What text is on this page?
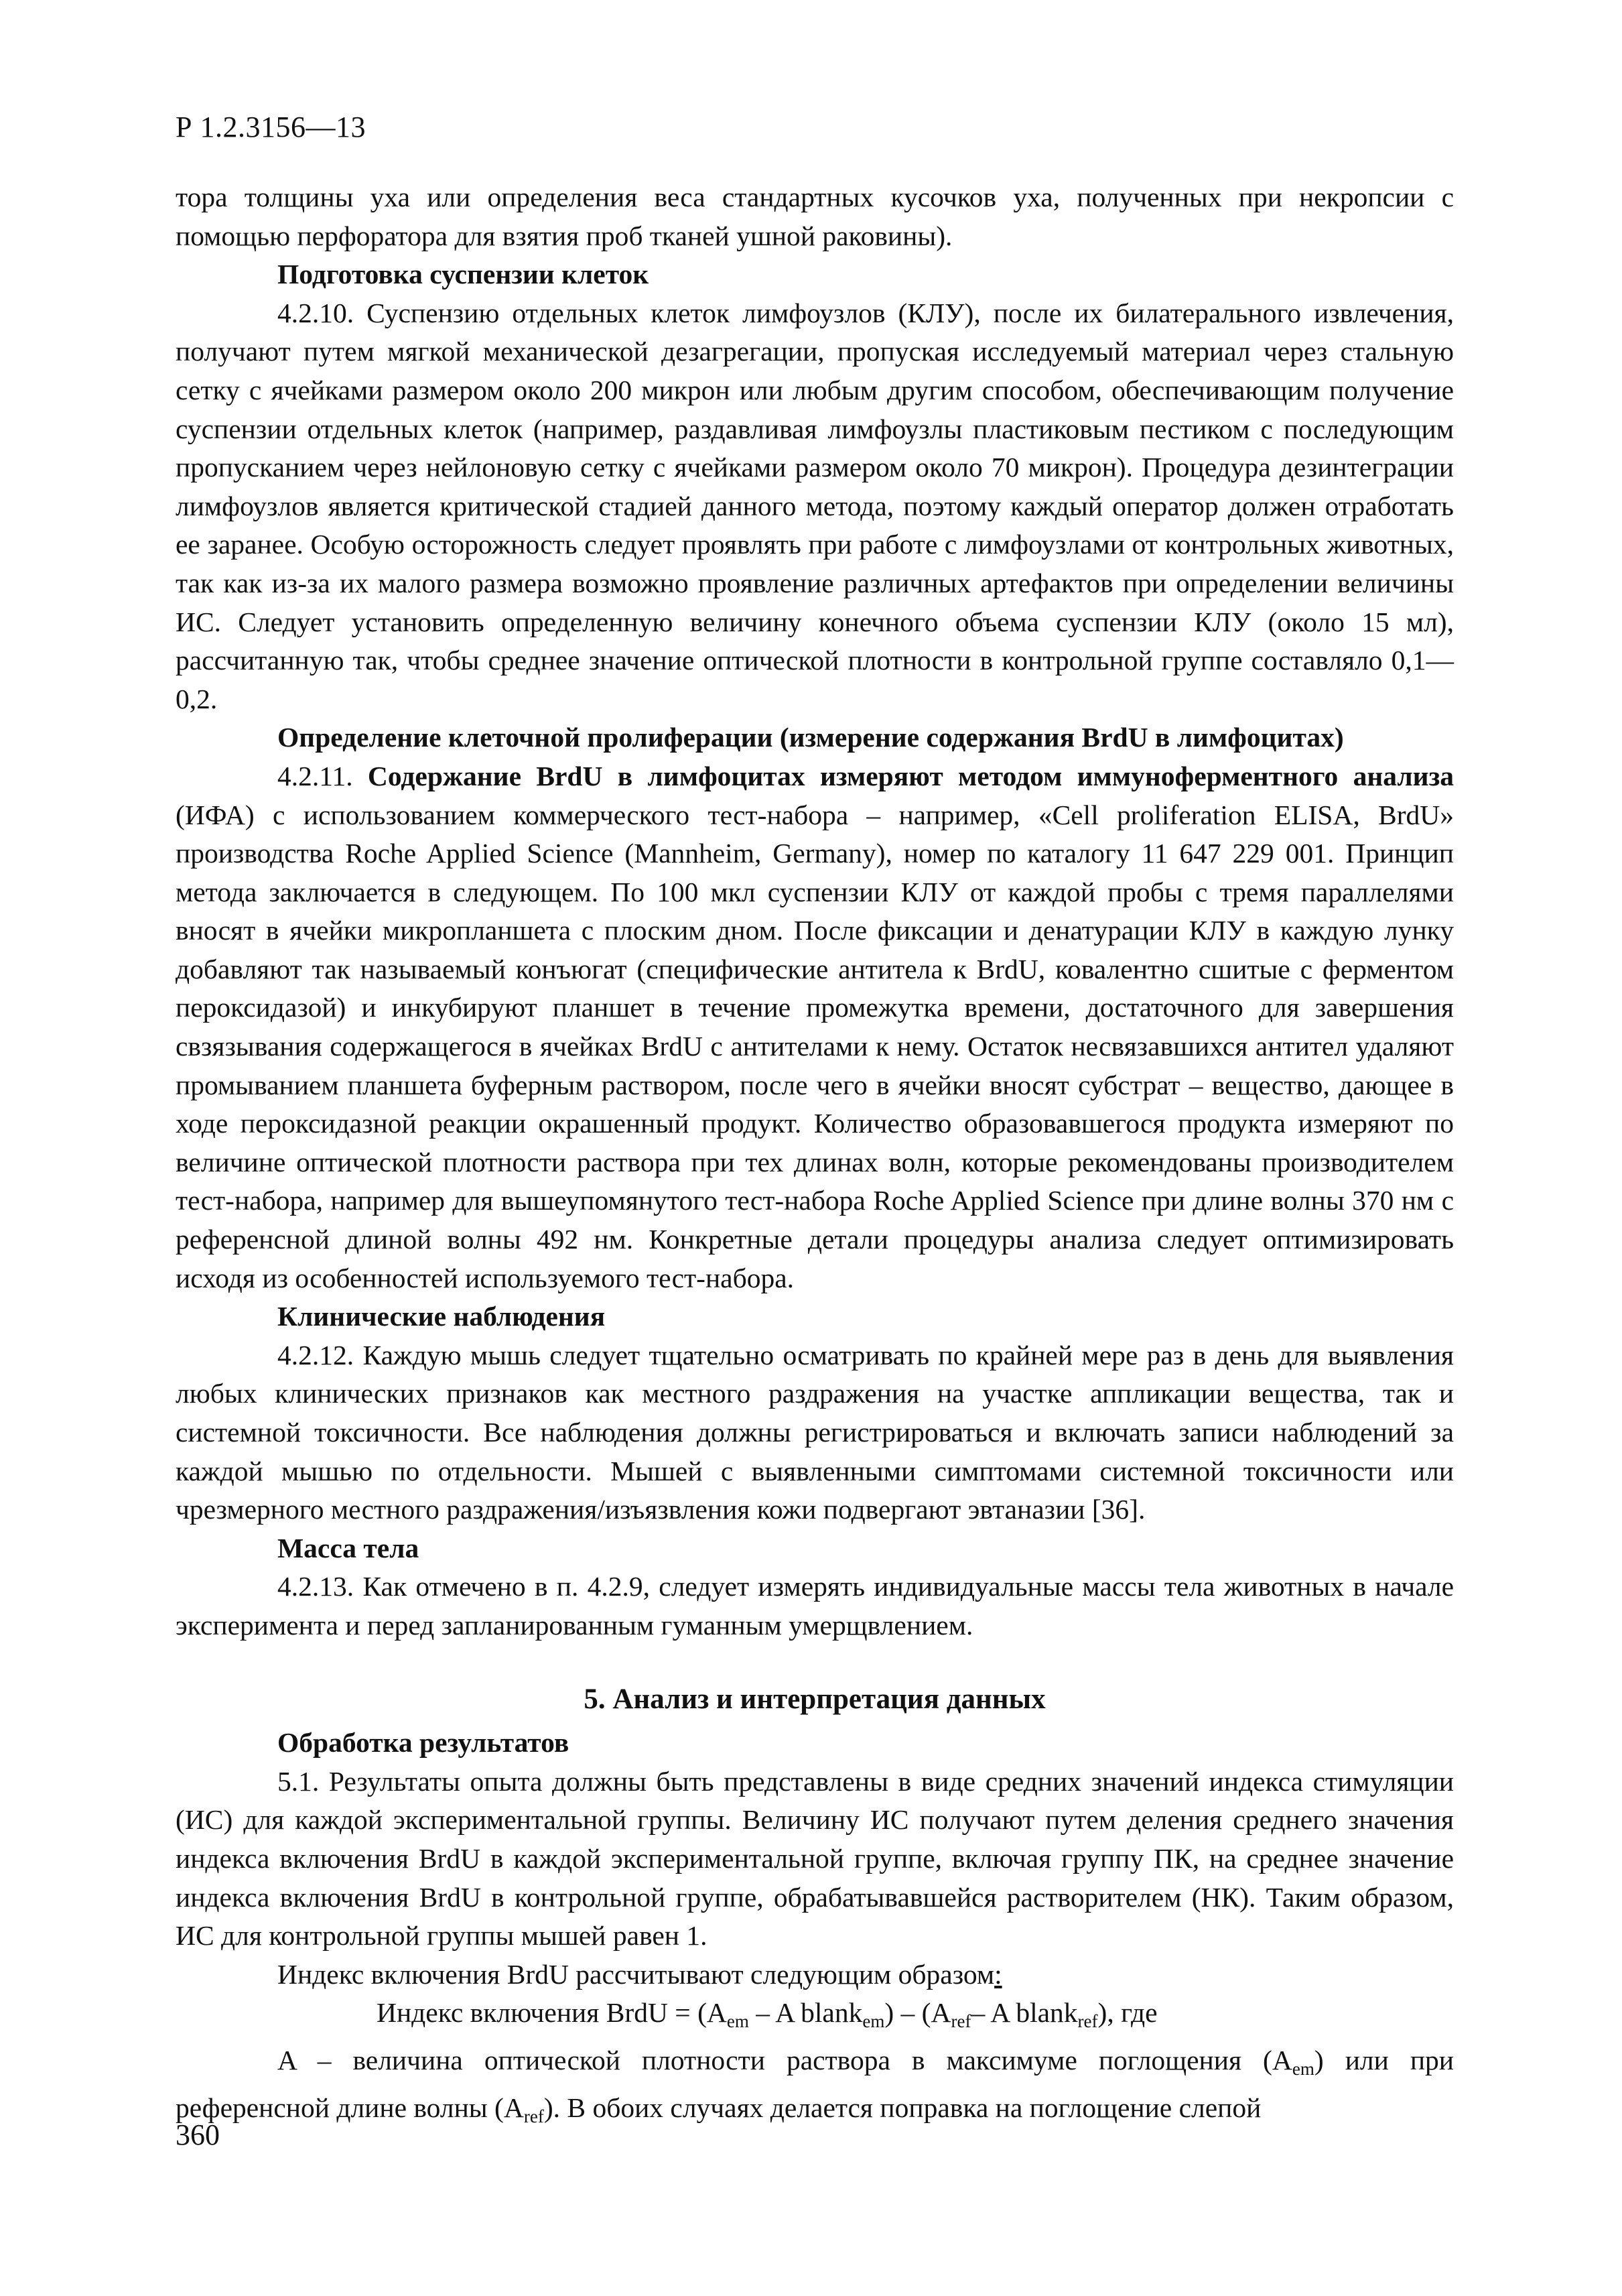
Р 1.2.3156—13

тора толщины уха или определения веса стандартных кусочков уха, полученных при некропсии с помощью перфоратора для взятия проб тканей ушной раковины).

Подготовка суспензии клеток

4.2.10. Суспензию отдельных клеток лимфоузлов (КЛУ), после их билатерального извлечения, получают путем мягкой механической дезагрегации, пропуская исследуемый материал через стальную сетку с ячейками размером около 200 микрон или любым другим способом, обеспечивающим получение суспензии отдельных клеток (например, раздавливая лимфоузлы пластиковым пестиком с последующим пропусканием через нейлоновую сетку с ячейками размером около 70 микрон). Процедура дезинтеграции лимфоузлов является критической стадией данного метода, поэтому каждый оператор должен отработать ее заранее. Особую осторожность следует проявлять при работе с лимфоузлами от контрольных животных, так как из-за их малого размера возможно проявление различных артефактов при определении величины ИС. Следует установить определенную величину конечного объема суспензии КЛУ (около 15 мл), рассчитанную так, чтобы среднее значение оптической плотности в контрольной группе составляло 0,1—0,2.

Определение клеточной пролиферации (измерение содержания BrdU в лимфоцитах)

4.2.11. Содержание BrdU в лимфоцитах измеряют методом иммуноферментного анализа (ИФА) с использованием коммерческого тест-набора – например, «Cell proliferation ELISA, BrdU» производства Roche Applied Science (Mannheim, Germany), номер по каталогу 11 647 229 001. Принцип метода заключается в следующем. По 100 мкл суспензии КЛУ от каждой пробы с тремя параллелями вносят в ячейки микропланшета с плоским дном. После фиксации и денатурации КЛУ в каждую лунку добавляют так называемый конъюгат (специфические антитела к BrdU, ковалентно сшитые с ферментом пероксидазой) и инкубируют планшет в течение промежутка времени, достаточного для завершения свзязывания содержащегося в ячейках BrdU с антителами к нему. Остаток несвязавшихся антител удаляют промыванием планшета буферным раствором, после чего в ячейки вносят субстрат – вещество, дающее в ходе пероксидазной реакции окрашенный продукт. Количество образовавшегося продукта измеряют по величине оптической плотности раствора при тех длинах волн, которые рекомендованы производителем тест-набора, например для вышеупомянутого тест-набора Roche Applied Science при длине волны 370 нм с референсной длиной волны 492 нм. Конкретные детали процедуры анализа следует оптимизировать исходя из особенностей используемого тест-набора.

Клинические наблюдения

4.2.12. Каждую мышь следует тщательно осматривать по крайней мере раз в день для выявления любых клинических признаков как местного раздражения на участке аппликации вещества, так и системной токсичности. Все наблюдения должны регистрироваться и включать записи наблюдений за каждой мышью по отдельности. Мышей с выявленными симптомами системной токсичности или чрезмерного местного раздражения/изъязвления кожи подвергают эвтаназии [36].

Масса тела

4.2.13. Как отмечено в п. 4.2.9, следует измерять индивидуальные массы тела животных в начале эксперимента и перед запланированным гуманным умерщвлением.

5. Анализ и интерпретация данных

Обработка результатов

5.1. Результаты опыта должны быть представлены в виде средних значений индекса стимуляции (ИС) для каждой экспериментальной группы. Величину ИС получают путем деления среднего значения индекса включения BrdU в каждой экспериментальной группе, включая группу ПК, на среднее значение индекса включения BrdU в контрольной группе, обрабатывавшейся растворителем (НК). Таким образом, ИС для контрольной группы мышей равен 1.

Индекс включения BrdU рассчитывают следующим образом:

Индекс включения BrdU = ($A_{em}$ – A blank$_{em}$) – ($A_{ref}-$ A blank$_{ref}$), где

A – величина оптической плотности раствора в максимуме поглощения $(A_{em})$ или при референсной длине волны $(A_{ref})$. В обоих случаях делается поправка на поглощение слепой

360
